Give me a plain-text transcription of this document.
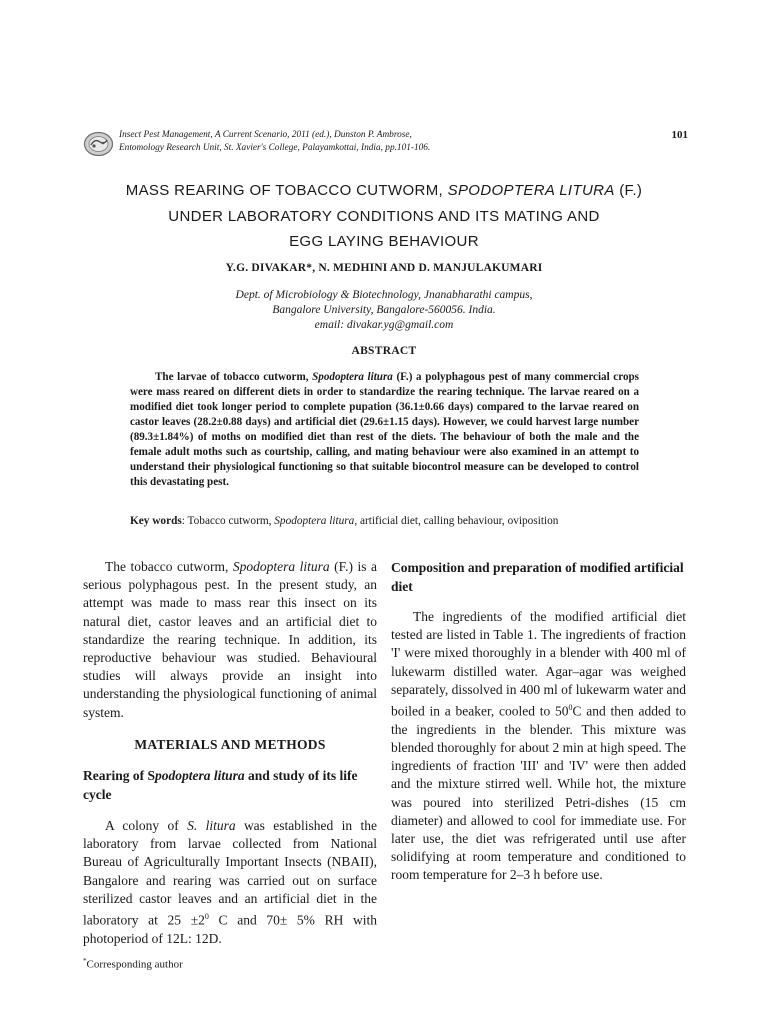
Insect Pest Management, A Current Scenario, 2011 (ed.), Dunston P. Ambrose,
Entomology Research Unit, St. Xavier's College, Palayamkottai, India, pp.101-106.
101
MASS REARING OF TOBACCO CUTWORM, SPODOPTERA LITURA (F.)
UNDER LABORATORY CONDITIONS AND ITS MATING AND
EGG LAYING BEHAVIOUR
Y.G. DIVAKAR*, N. MEDHINI AND D. MANJULAKUMARI
Dept. of Microbiology & Biotechnology, Jnanabharathi campus,
Bangalore University, Bangalore-560056. India.
email: divakar.yg@gmail.com
ABSTRACT

The larvae of tobacco cutworm, Spodoptera litura (F.) a polyphagous pest of many commercial crops were mass reared on different diets in order to standardize the rearing technique. The larvae reared on a modified diet took longer period to complete pupation (36.1±0.66 days) compared to the larvae reared on castor leaves (28.2±0.88 days) and artificial diet (29.6±1.15 days). However, we could harvest large number (89.3±1.84%) of moths on modified diet than rest of the diets. The behaviour of both the male and the female adult moths such as courtship, calling, and mating behaviour were also examined in an attempt to understand their physiological functioning so that suitable biocontrol measure can be developed to control this devastating pest.

Key words: Tobacco cutworm, Spodoptera litura, artificial diet, calling behaviour, oviposition

The tobacco cutworm, Spodoptera litura (F.) is a serious polyphagous pest. In the present study, an attempt was made to mass rear this insect on its natural diet, castor leaves and an artificial diet to standardize the rearing technique. In addition, its reproductive behaviour was studied. Behavioural studies will always provide an insight into understanding the physiological functioning of animal system.

MATERIALS AND METHODS

Rearing of Spodoptera litura and study of its life cycle

A colony of S. litura was established in the laboratory from larvae collected from National Bureau of Agriculturally Important Insects (NBAII), Bangalore and rearing was carried out on surface sterilized castor leaves and an artificial diet in the laboratory at $25 \pm 2^0$ C and 70± 5% RH with photoperiod of 12L: 12D.

Composition and preparation of modified artificial diet

The ingredients of the modified artificial diet tested are listed in Table 1. The ingredients of fraction 'I' were mixed thoroughly in a blender with 400 ml of lukewarm distilled water. Agar–agar was weighed separately, dissolved in 400 ml of lukewarm water and boiled in a beaker, cooled to $50^0C$ and then added to the ingredients in the blender. This mixture was blended thoroughly for about 2 min at high speed. The ingredients of fraction 'III' and 'IV' were then added and the mixture stirred well. While hot, the mixture was poured into sterilized Petri-dishes (15 cm diameter) and allowed to cool for immediate use. For later use, the diet was refrigerated until use after solidifying at room temperature and conditioned to room temperature for 2–3 h before use.

*Corresponding author
